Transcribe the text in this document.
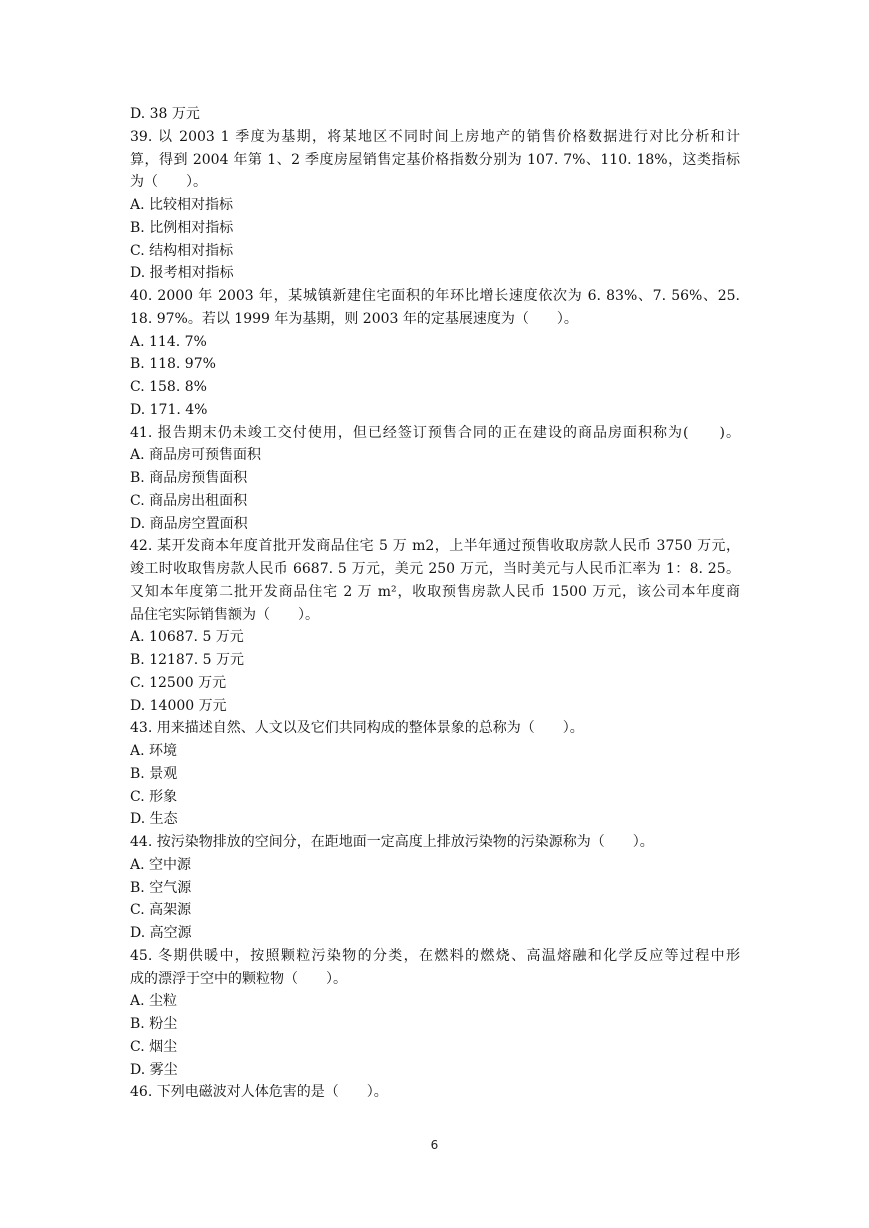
D. 38 万元
39. 以 2003 1 季度为基期，将某地区不同时间上房地产的销售价格数据进行对比分析和计
算，得到 2004 年第 1、2 季度房屋销售定基价格指数分别为 107. 7%、110. 18%，这类指标
为（　　）。
A. 比较相对指标
B. 比例相对指标
C. 结构相对指标
D. 报考相对指标
40. 2000 年 2003 年，某城镇新建住宅面积的年环比增长速度依次为 6. 83%、7. 56%、25.
18. 97%。若以 1999 年为基期，则 2003 年的定基展速度为（　　）。
A. 114. 7%
B. 118. 97%
C. 158. 8%
D. 171. 4%
41. 报告期末仍未竣工交付使用，但已经签订预售合同的正在建设的商品房面积称为(　　)。
A. 商品房可预售面积
B. 商品房预售面积
C. 商品房出租面积
D. 商品房空置面积
42. 某开发商本年度首批开发商品住宅 5 万 m2，上半年通过预售收取房款人民币 3750 万元，
竣工时收取售房款人民币 6687. 5 万元，美元 250 万元，当时美元与人民币汇率为 1：8. 25。
又知本年度第二批开发商品住宅 2 万 m²，收取预售房款人民币 1500 万元，该公司本年度商
品住宅实际销售额为（　　）。
A. 10687. 5 万元
B. 12187. 5 万元
C. 12500 万元
D. 14000 万元
43. 用来描述自然、人文以及它们共同构成的整体景象的总称为（　　）。
A. 环境
B. 景观
C. 形象
D. 生态
44. 按污染物排放的空间分，在距地面一定高度上排放污染物的污染源称为（　　）。
A. 空中源
B. 空气源
C. 高架源
D. 高空源
45. 冬期供暖中，按照颗粒污染物的分类，在燃料的燃烧、高温熔融和化学反应等过程中形
成的漂浮于空中的颗粒物（　　）。
A. 尘粒
B. 粉尘
C. 烟尘
D. 雾尘
46. 下列电磁波对人体危害的是（　　）。
6
